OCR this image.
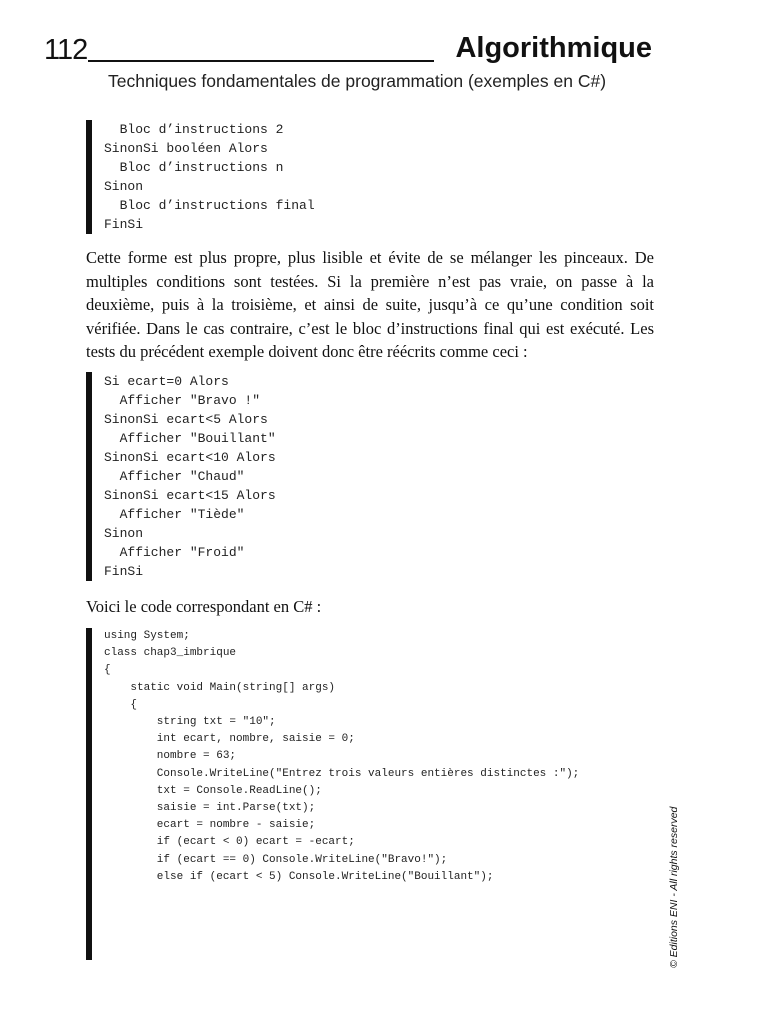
112	Algorithmique
Techniques fondamentales de programmation (exemples en C#)
Bloc d’instructions 2
SinonSi booléen Alors
Bloc d’instructions n
Sinon
Bloc d’instructions final
FinSi

Cette forme est plus propre, plus lisible et évite de se mélanger les pinceaux. De multiples conditions sont testées. Si la première n’est pas vraie, on passe à la deuxième, puis à la troisième, et ainsi de suite, jusqu’à ce qu’une condition soit vérifiée. Dans le cas contraire, c’est le bloc d’instructions final qui est exécuté. Les tests du précédent exemple doivent donc être réécrits comme ceci :

Si ecart=0 Alors
Afficher "Bravo !"
SinonSi ecart<5 Alors
Afficher "Bouillant"
SinonSi ecart<10 Alors
Afficher "Chaud"
SinonSi ecart<15 Alors
Afficher "Tiède"
Sinon
Afficher "Froid"
FinSi

Voici le code correspondant en C# :

using System;
class chap3_imbrique
{
static void Main(string[] args)
{
string txt = "10";
int ecart, nombre, saisie = 0;
nombre = 63;
Console.WriteLine("Entrez trois valeurs entières distinctes :");
txt = Console.ReadLine();
saisie = int.Parse(txt);
ecart = nombre - saisie;
if (ecart < 0) ecart = -ecart;
if (ecart == 0) Console.WriteLine("Bravo!");
else if (ecart < 5) Console.WriteLine("Bouillant");	© Editions ENI - All rights reserved
